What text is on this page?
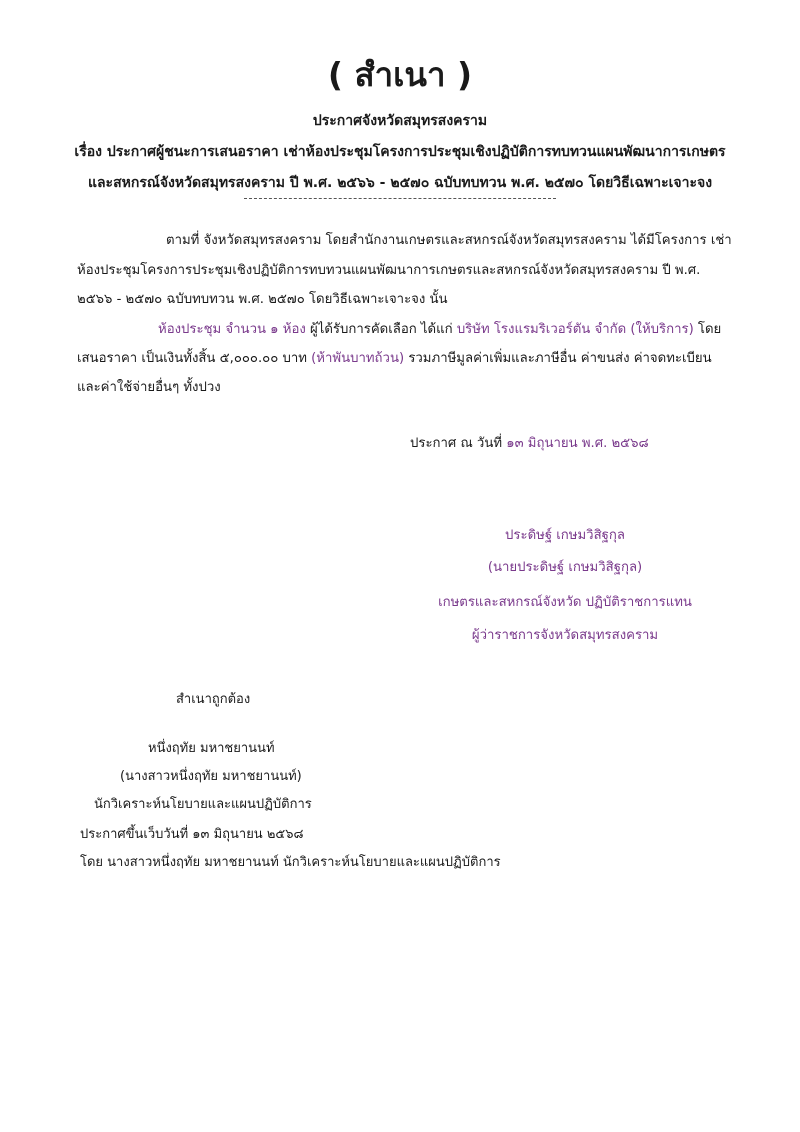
( สำเนา )
ประกาศจังหวัดสมุทรสงคราม
เรื่อง ประกาศผู้ชนะการเสนอราคา เช่าห้องประชุมโครงการประชุมเชิงปฏิบัติการทบทวนแผนพัฒนาการเกษตร
และสหกรณ์จังหวัดสมุทรสงคราม ปี พ.ศ. ๒๕๖๖ - ๒๕๗๐ ฉบับทบทวน พ.ศ. ๒๕๗๐ โดยวิธีเฉพาะเจาะจง
ตามที่ จังหวัดสมุทรสงคราม โดยสำนักงานเกษตรและสหกรณ์จังหวัดสมุทรสงคราม ได้มีโครงการ เช่า
ห้องประชุมโครงการประชุมเชิงปฏิบัติการทบทวนแผนพัฒนาการเกษตรและสหกรณ์จังหวัดสมุทรสงคราม ปี พ.ศ.
๒๕๖๖ - ๒๕๗๐ ฉบับทบทวน พ.ศ. ๒๕๗๐ โดยวิธีเฉพาะเจาะจง นั้น
ห้องประชุม จำนวน ๑ ห้อง ผู้ได้รับการคัดเลือก ได้แก่ บริษัท โรงแรมริเวอร์ตัน จำกัด (ให้บริการ) โดย
เสนอราคา เป็นเงินทั้งสิ้น ๕,๐๐๐.๐๐ บาท (ห้าพันบาทถ้วน) รวมภาษีมูลค่าเพิ่มและภาษีอื่น ค่าขนส่ง ค่าจดทะเบียน
และค่าใช้จ่ายอื่นๆ ทั้งปวง
ประกาศ ณ วันที่ ๑๓ มิถุนายน พ.ศ. ๒๕๖๘
ประดิษฐ์ เกษมวิสิฐกุล
(นายประดิษฐ์ เกษมวิสิฐกุล)
เกษตรและสหกรณ์จังหวัด ปฏิบัติราชการแทน
ผู้ว่าราชการจังหวัดสมุทรสงคราม
สำเนาถูกต้อง
หนึ่งฤทัย มหาชยานนท์
(นางสาวหนึ่งฤทัย มหาชยานนท์)
นักวิเคราะห์นโยบายและแผนปฏิบัติการ
ประกาศขึ้นเว็บวันที่ ๑๓ มิถุนายน ๒๕๖๘
โดย นางสาวหนึ่งฤทัย มหาชยานนท์ นักวิเคราะห์นโยบายและแผนปฏิบัติการ
